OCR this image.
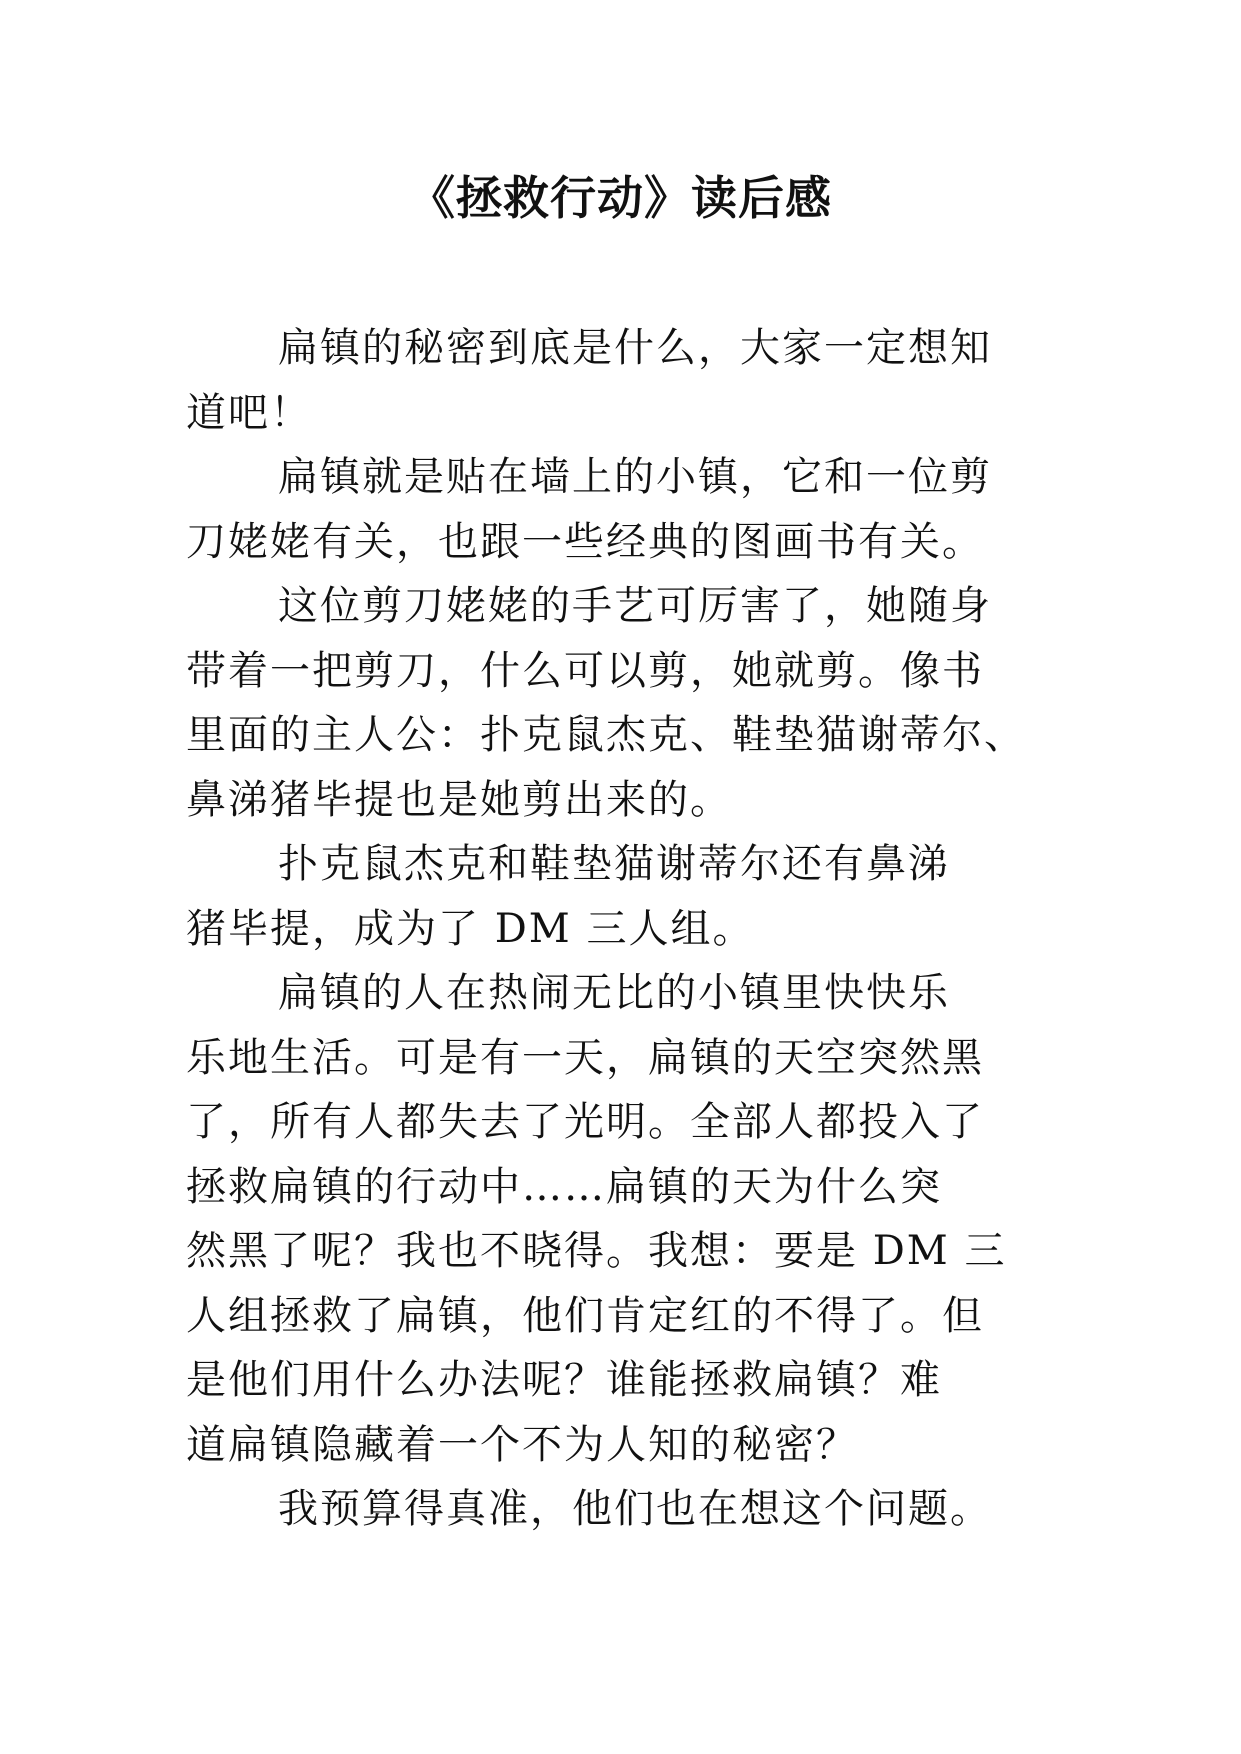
《拯救行动》读后感
扁镇的秘密到底是什么，大家一定想知
道吧！
扁镇就是贴在墙上的小镇，它和一位剪
刀姥姥有关，也跟一些经典的图画书有关。
这位剪刀姥姥的手艺可厉害了，她随身
带着一把剪刀，什么可以剪，她就剪。像书
里面的主人公：扑克鼠杰克、鞋垫猫谢蒂尔、
鼻涕猪毕提也是她剪出来的。
扑克鼠杰克和鞋垫猫谢蒂尔还有鼻涕
猪毕提，成为了 DM 三人组。
扁镇的人在热闹无比的小镇里快快乐
乐地生活。可是有一天，扁镇的天空突然黑
了，所有人都失去了光明。全部人都投入了
拯救扁镇的行动中……扁镇的天为什么突
然黑了呢？我也不晓得。我想：要是 DM 三
人组拯救了扁镇，他们肯定红的不得了。但
是他们用什么办法呢？谁能拯救扁镇？难
道扁镇隐藏着一个不为人知的秘密？
我预算得真准，他们也在想这个问题。
